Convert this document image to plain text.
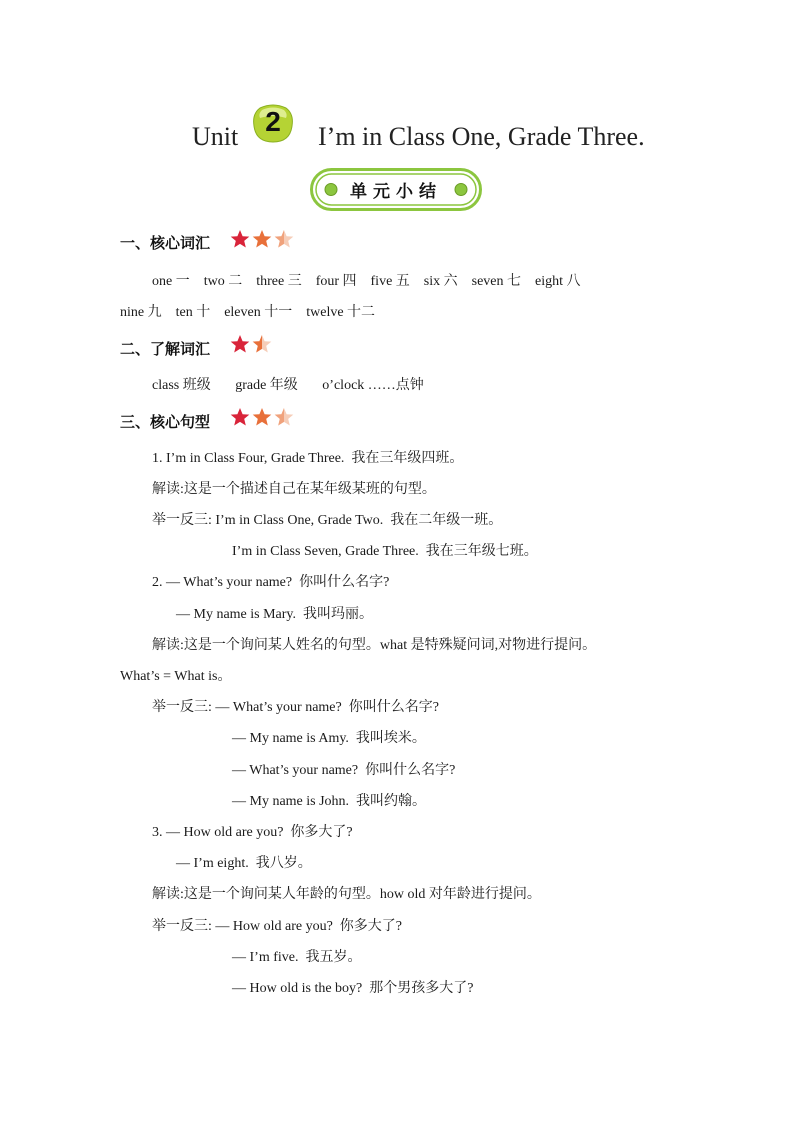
Unit 2	I’m in Class One, Grade Three.
单元小结
一、核心词汇
one 一    two 二    three 三    four 四    five 五    six 六    seven 七    eight 八
nine 九    ten 十    eleven 十一    twelve 十二
二、了解词汇
class 班级       grade 年级       o’clock ……点钟
三、核心句型
1. I’m in Class Four, Grade Three.  我在三年级四班。
解读:这是一个描述自己在某年级某班的句型。
举一反三: I’m in Class One, Grade Two.  我在二年级一班。
I’m in Class Seven, Grade Three.  我在三年级七班。
2. — What’s your name?  你叫什么名字?
— My name is Mary.  我叫玛丽。
解读:这是一个询问某人姓名的句型。what 是特殊疑问词,对物进行提问。
What’s = What is。
举一反三: — What’s your name?  你叫什么名字?
— My name is Amy.  我叫埃米。
— What’s your name?  你叫什么名字?
— My name is John.  我叫约翰。
3. — How old are you?  你多大了?
— I’m eight.  我八岁。
解读:这是一个询问某人年龄的句型。how old 对年龄进行提问。
举一反三: — How old are you?  你多大了?
— I’m five.  我五岁。
— How old is the boy?  那个男孩多大了?
